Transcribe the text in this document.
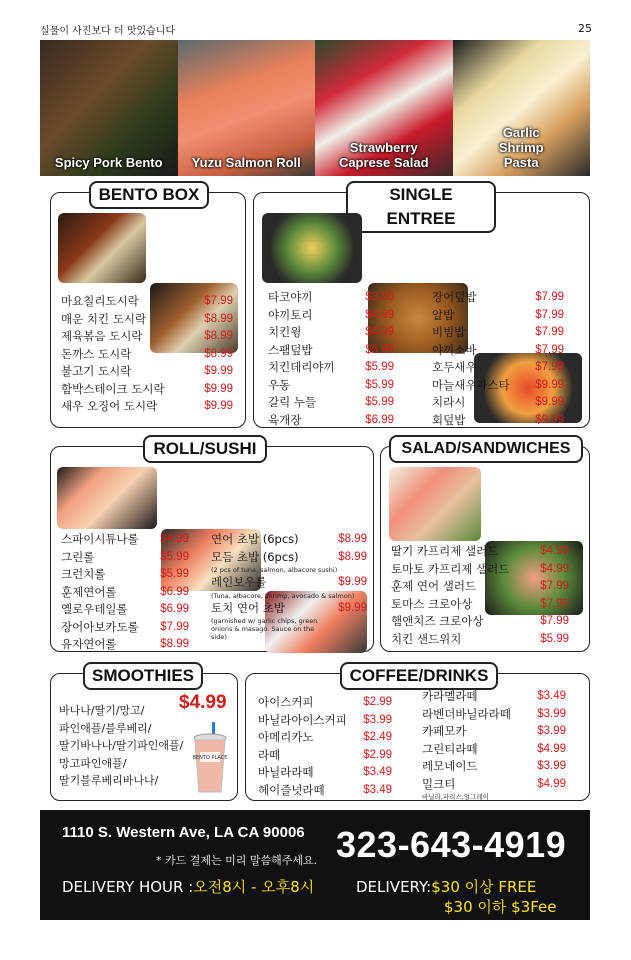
실물이 사진보다 더 맛있습니다	25
Spicy Pork Bento	Yuzu Salmon Roll
Strawberry Caprese Salad
Garlic Shrimp Pasta
BENTO BOX
마요칠리도시락	$7.99
매운 치킨 도시락	$8.99
제육볶음 도시락	$8.99
돈까스 도시락	$8.99
불고기 도시락	$9.99
함박스테이크 도시락	$9.99
새우 오징어 도시락	$9.99
SINGLE ENTREE
타코야끼	$3.50
야끼토리	$4.99
치킨윙	$4.99
스팸덮밥	$5.99
치킨데리야끼	$5.99
우동	$5.99
갈릭 누들	$5.99
육개장	$6.99
장어덮밥	$7.99
알밥	$7.99
비빔밥	$7.99
야끼소바	$7.99
호두새우	$7.99
마늘새우파스타 $9.99
치라시	$9.99
회덮밥	$9.99
ROLL/SUSHI
스파이시튜나롤 $4.99
그린롤	$5.99
크런치롤	$5.99
훈제연어롤	$6.99
옐로우테일롤	$6.99
장어아보카도롤 $7.99
유자연어롤	$8.99
연어 초밥 (6pcs)	$8.99
모듬 초밥 (6pcs)	$8.99
(2 pcs of tuna, salmon, albacore sushi)
레인보우롤	$9.99
(Tuna, albacore, shrimp, avocado & salmon)
토치 연어 초밥	$9.99
(garnished w/ garlic chips, green onions & masago. Sauce on the side)
SALAD/SANDWICHES
딸기 카프리제 샐러드	$4.99
토마토 카프리제 샐러드	$4.99
훈제 연어 샐러드	$7.99
토마스 크로아상	$7.99
햄앤치즈 크로아상	$7.99
치킨 샌드위치	$5.99
SMOOTHIES
$4.99
바나나/딸기/망고/
파인애플/블루베리/
딸기바나나/딸기파인애플/
망고파인애플/
딸기블루베리바나나/
BENTO PLACE
COFFEE/DRINKS
아이스커피	$2.99
바닐라아이스커피 $3.99
아메리카노	$2.49
라떼	$2.99
바닐라라떼	$3.49
헤이즐넛라떼	$3.49
카라멜라떼	$3.49
라벤더바닐라라떼 $3.99
카페모카	$3.99
그린티라떼	$4.99
레모네이드	$3.99
밀크티	$4.99
바닐라,파리스,얼그레이
1110 S. Western Ave, LA CA 90006 323-643-4919
* 카드 결제는 미리 말씀해주세요.
DELIVERY HOUR :오전8시 - 오후8시	DELIVERY:$30 이상 FREE
$30 이하 $3Fee
